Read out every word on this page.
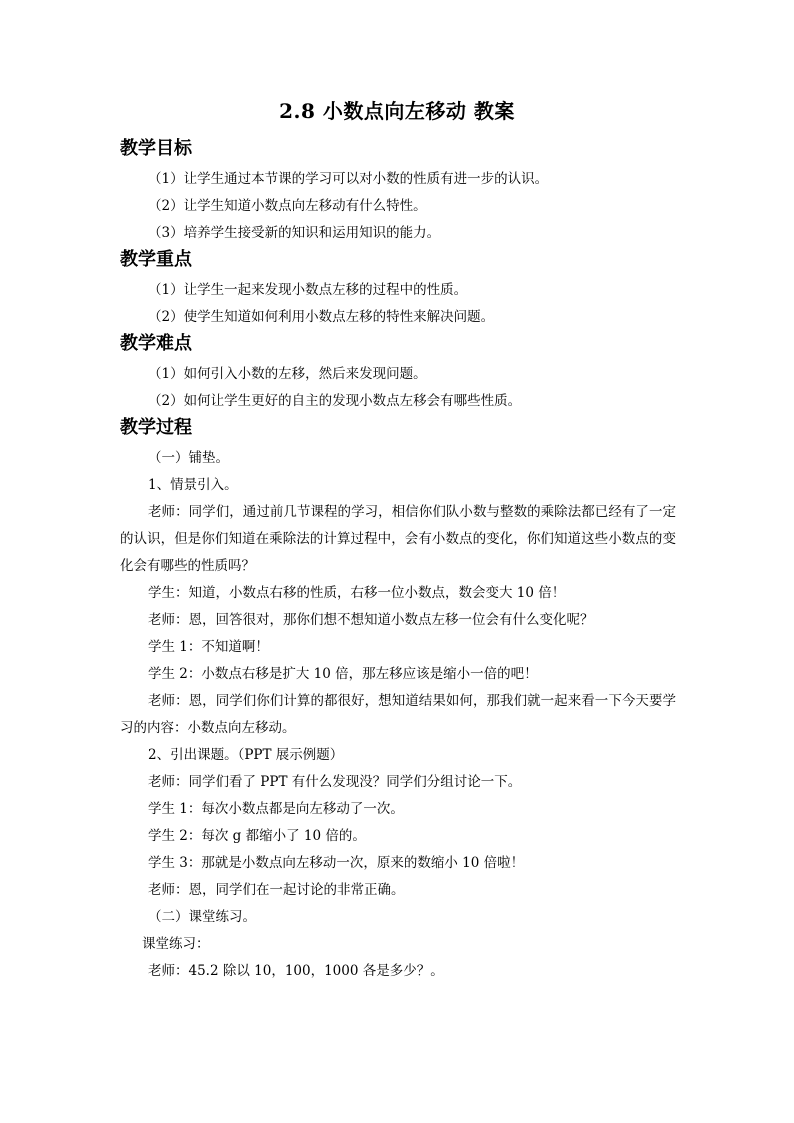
2.8 小数点向左移动 教案
教学目标

（1）让学生通过本节课的学习可以对小数的性质有进一步的认识。

（2）让学生知道小数点向左移动有什么特性。

（3）培养学生接受新的知识和运用知识的能力。

教学重点

（1）让学生一起来发现小数点左移的过程中的性质。

（2）使学生知道如何利用小数点左移的特性来解决问题。

教学难点

（1）如何引入小数的左移，然后来发现问题。

（2）如何让学生更好的自主的发现小数点左移会有哪些性质。

教学过程

（一）铺垫。

1、情景引入。

老师：同学们，通过前几节课程的学习，相信你们队小数与整数的乘除法都已经有了一定的认识，但是你们知道在乘除法的计算过程中，会有小数点的变化，你们知道这些小数点的变化会有哪些的性质吗？

学生：知道，小数点右移的性质，右移一位小数点，数会变大 10 倍！

老师：恩，回答很对，那你们想不想知道小数点左移一位会有什么变化呢？

学生 1：不知道啊！

学生 2：小数点右移是扩大 10 倍，那左移应该是缩小一倍的吧！

老师：恩，同学们你们计算的都很好，想知道结果如何，那我们就一起来看一下今天要学习的内容：小数点向左移动。

2、引出课题。（PPT 展示例题）

老师：同学们看了 PPT 有什么发现没？同学们分组讨论一下。

学生 1：每次小数点都是向左移动了一次。

学生 2：每次 g 都缩小了 10 倍的。

学生 3：那就是小数点向左移动一次，原来的数缩小 10 倍啦！

老师：恩，同学们在一起讨论的非常正确。

（二）课堂练习。

课堂练习：

老师：45.2 除以 10，100，1000 各是多少？。
